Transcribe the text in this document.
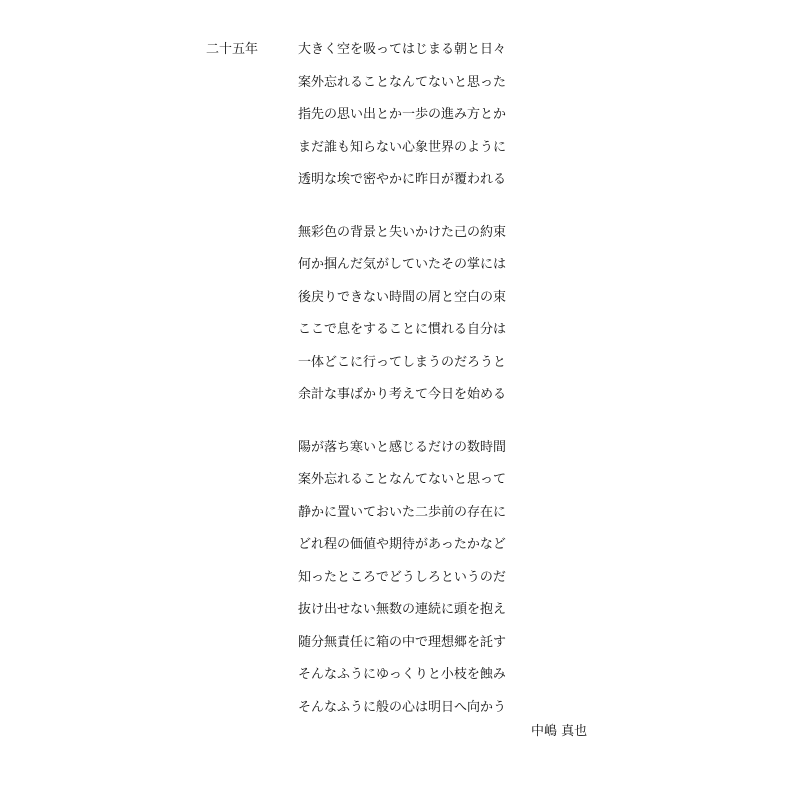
二十五年	大きく空を吸ってはじまる朝と日々
案外忘れることなんてないと思った
指先の思い出とか一歩の進み方とか
まだ誰も知らない心象世界のように
透明な埃で密やかに昨日が覆われる
無彩色の背景と失いかけた己の約束
何か掴んだ気がしていたその掌には
後戻りできない時間の屑と空白の束
ここで息をすることに慣れる自分は
一体どこに行ってしまうのだろうと
余計な事ばかり考えて今日を始める
陽が落ち寒いと感じるだけの数時間
案外忘れることなんてないと思って
静かに置いておいた二歩前の存在に
どれ程の価値や期待があったかなど
知ったところでどうしろというのだ
抜け出せない無数の連続に頭を抱え
随分無責任に箱の中で理想郷を託す
そんなふうにゆっくりと小枝を蝕み
そんなふうに般の心は明日へ向かう
中嶋 真也
